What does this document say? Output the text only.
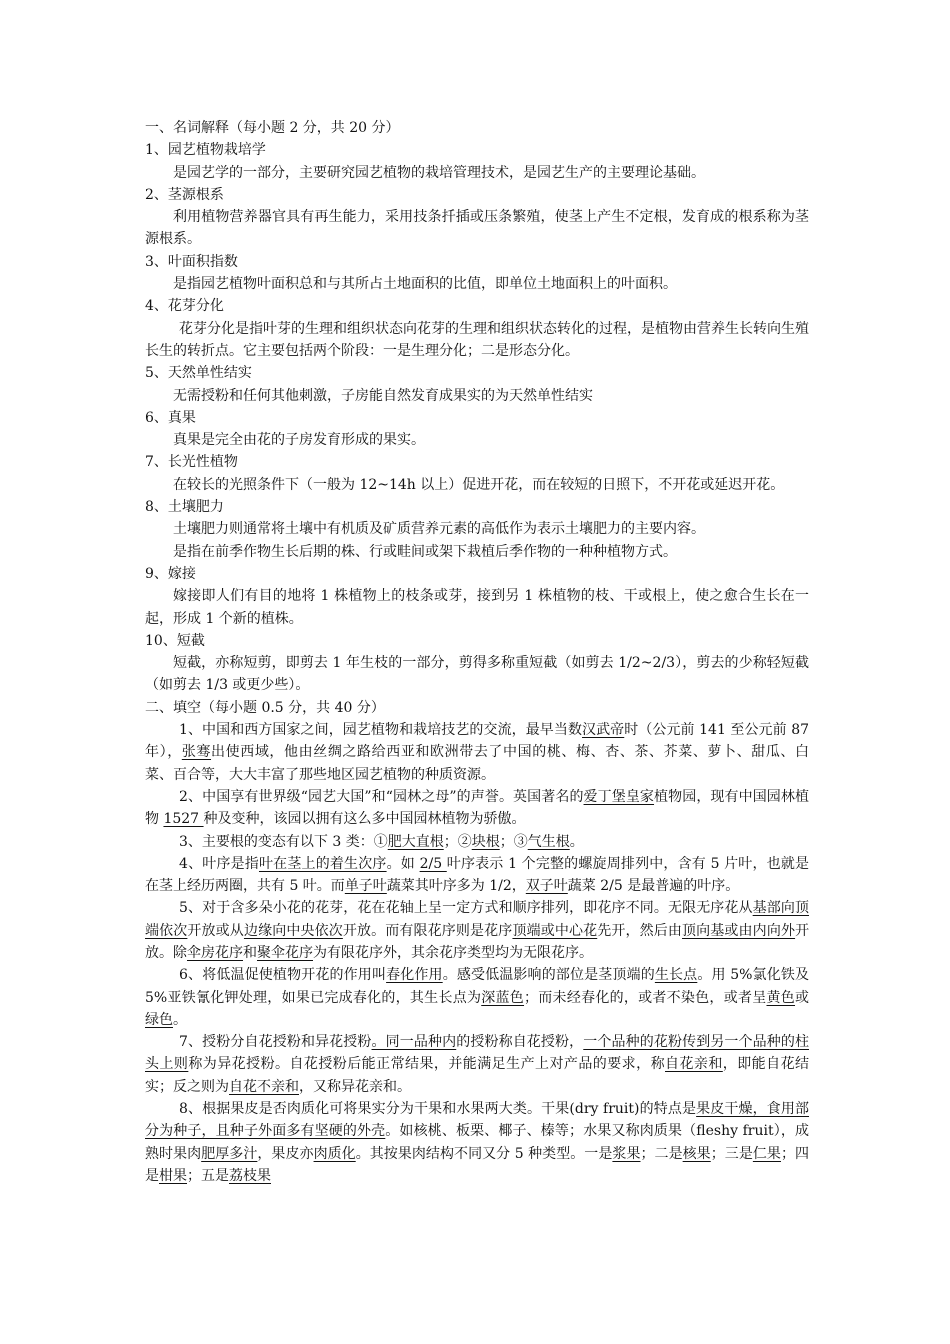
一、名词解释（每小题 2 分，共 20 分）

1、园艺植物栽培学

是园艺学的一部分，主要研究园艺植物的栽培管理技术，是园艺生产的主要理论基础。

2、茎源根系

利用植物营养器官具有再生能力，采用技条扦插或压条繁殖，使茎上产生不定根，发育成的根系称为茎源根系。

3、叶面积指数

是指园艺植物叶面积总和与其所占土地面积的比值，即单位土地面积上的叶面积。

4、花芽分化

花芽分化是指叶芽的生理和组织状态向花芽的生理和组织状态转化的过程，是植物由营养生长转向生殖长生的转折点。它主要包括两个阶段：一是生理分化；二是形态分化。

5、天然单性结实

无需授粉和任何其他刺激，子房能自然发育成果实的为天然单性结实

6、真果

真果是完全由花的子房发育形成的果实。

7、长光性植物

在较长的光照条件下（一般为 12~14h 以上）促进开花，而在较短的日照下，不开花或延迟开花。

8、土壤肥力

土壤肥力则通常将土壤中有机质及矿质营养元素的高低作为表示土壤肥力的主要内容。

是指在前季作物生长后期的株、行或畦间或架下栽植后季作物的一种种植物方式。

9、嫁接

嫁接即人们有目的地将 1 株植物上的枝条或芽，接到另 1 株植物的枝、干或根上，使之愈合生长在一起，形成 1 个新的植株。

10、短截

短截，亦称短剪，即剪去 1 年生枝的一部分，剪得多称重短截（如剪去 1/2~2/3），剪去的少称轻短截（如剪去 1/3 或更少些）。

二、填空（每小题 0.5 分，共 40 分）

1、中国和西方国家之间，园艺植物和栽培技艺的交流，最早当数汉武帝时（公元前 141 至公元前 87 年），张骞出使西域，他由丝绸之路给西亚和欧洲带去了中国的桃、梅、杏、茶、芥菜、萝卜、甜瓜、白菜、百合等，大大丰富了那些地区园艺植物的种质资源。

2、中国享有世界级“园艺大国”和“园林之母”的声誉。英国著名的爱丁堡皇家植物园，现有中国园林植物 1527 种及变种，该园以拥有这么多中国园林植物为骄傲。

3、主要根的变态有以下 3 类：①肥大直根；②块根；③气生根。

4、叶序是指叶在茎上的着生次序。如 2/5 叶序表示 1 个完整的螺旋周排列中，含有 5 片叶，也就是在茎上经历两圈，共有 5 叶。而单子叶蔬菜其叶序多为 1/2，双子叶蔬菜 2/5 是最普遍的叶序。

5、对于含多朵小花的花芽，花在花轴上呈一定方式和顺序排列，即花序不同。无限无序花从基部向顶端依次开放或从边缘向中央依次开放。而有限花序则是花序顶端或中心花先开，然后由顶向基或由内向外开放。除伞房花序和聚伞花序为有限花序外，其余花序类型均为无限花序。

6、将低温促使植物开花的作用叫春化作用。感受低温影响的部位是茎顶端的生长点。用 5%氯化铁及 5%亚铁氰化钾处理，如果已完成春化的，其生长点为深蓝色；而未经春化的，或者不染色，或者呈黄色或绿色。

7、授粉分自花授粉和异花授粉。同一品种内的授粉称自花授粉，一个品种的花粉传到另一个品种的柱头上则称为异花授粉。自花授粉后能正常结果，并能满足生产上对产品的要求，称自花亲和，即能自花结实；反之则为自花不亲和，又称异花亲和。

8、根据果皮是否肉质化可将果实分为干果和水果两大类。干果(dry fruit)的特点是果皮干燥，食用部分为种子，且种子外面多有坚硬的外壳。如核桃、板栗、椰子、榛等；水果又称肉质果（fleshy fruit），成熟时果肉肥厚多汁，果皮亦肉质化。其按果肉结构不同又分 5 种类型。一是浆果；二是核果；三是仁果；四是柑果；五是荔枝果
